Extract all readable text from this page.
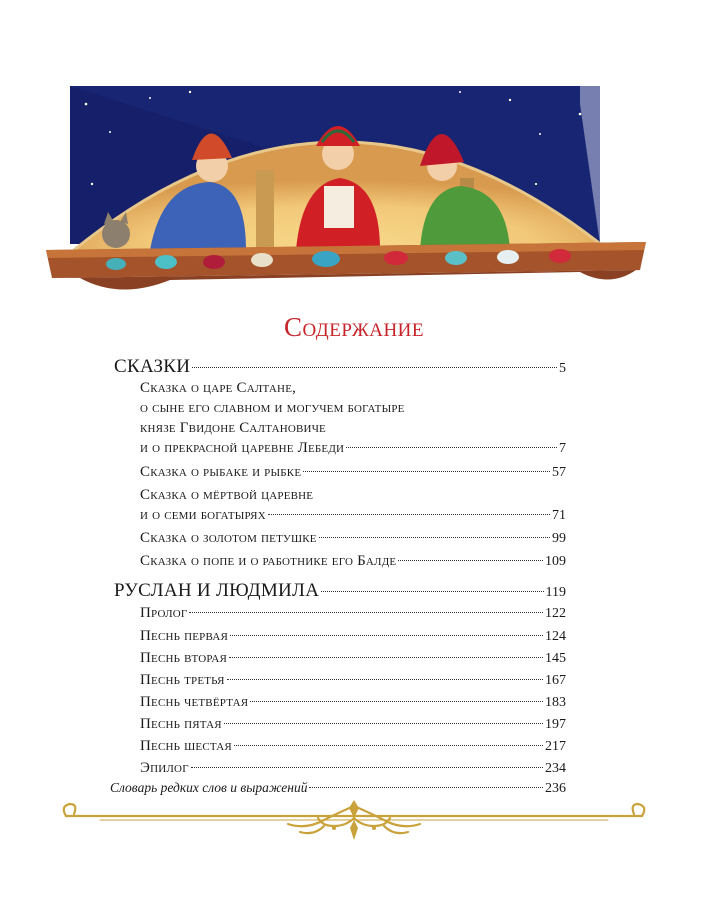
Содержание
СКАЗКИ	5
Сказка о царе Салтане,
о сыне его славном и могучем богатыре
князе Гвидоне Салтановиче
и о прекрасной царевне Лебеди	7
Сказка о рыбаке и рыбке	57
Сказка о мёртвой царевне
и о семи богатырях	71
Сказка о золотом петушке	99
Сказка о попе и о работнике его Балде	109
РУСЛАН И ЛЮДМИЛА	119
Пролог	122
Песнь первая	124
Песнь вторая	145
Песнь третья	167
Песнь четвёртая	183
Песнь пятая	197
Песнь шестая	217
Эпилог	234
Словарь редких слов и выражений	236
